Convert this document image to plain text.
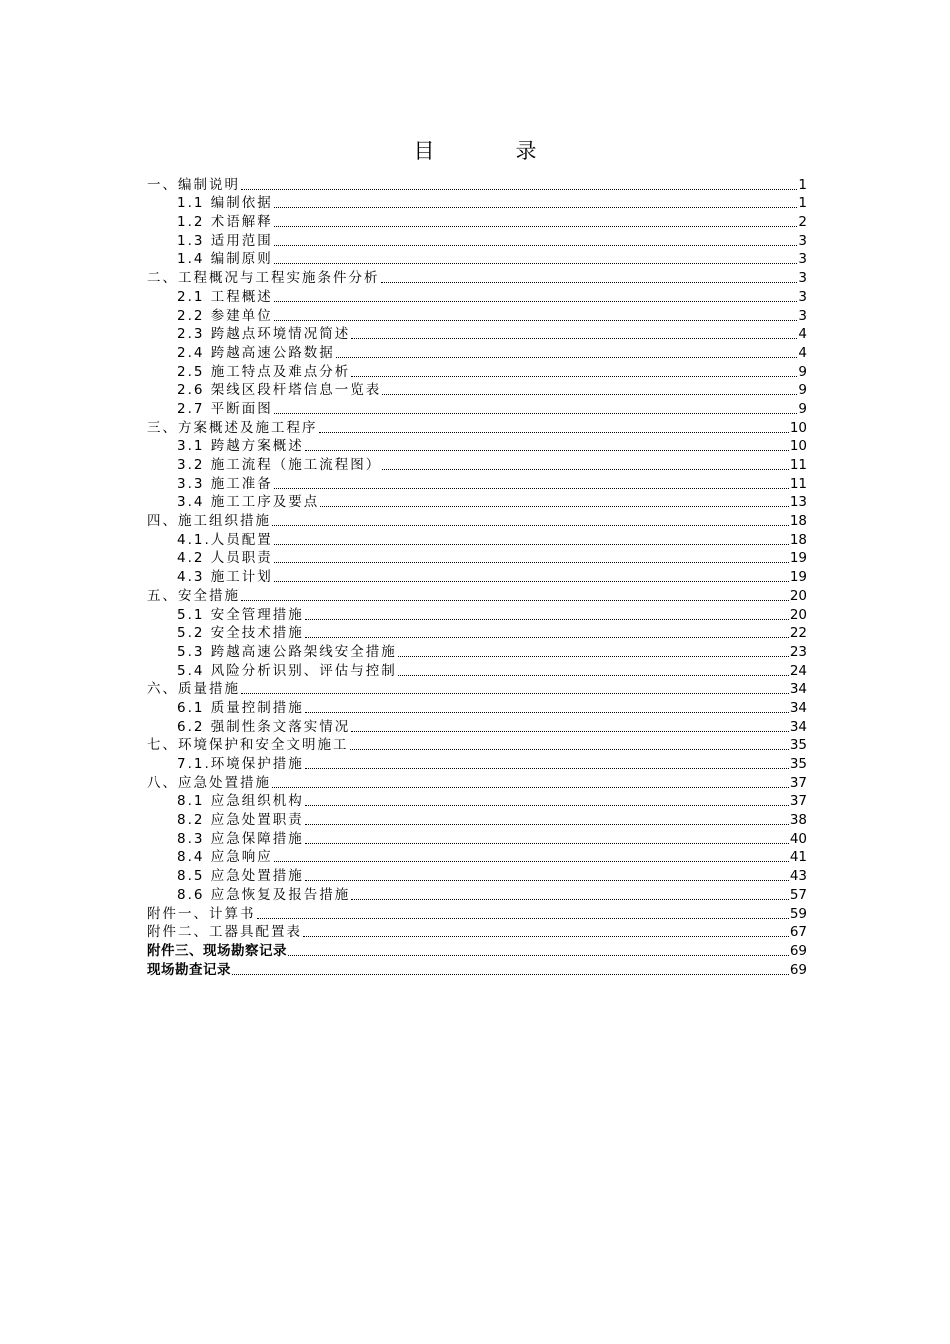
目　录
一、编制说明	1
1.1 编制依据	1
1.2 术语解释	2
1.3 适用范围	3
1.4 编制原则	3
二、工程概况与工程实施条件分析	3
2.1 工程概述	3
2.2 参建单位	3
2.3 跨越点环境情况简述	4
2.4 跨越高速公路数据	4
2.5 施工特点及难点分析	9
2.6 架线区段杆塔信息一览表	9
2.7 平断面图	9
三、方案概述及施工程序	10
3.1 跨越方案概述	10
3.2 施工流程（施工流程图）	11
3.3 施工准备	11
3.4 施工工序及要点	13
四、施工组织措施	18
4.1.人员配置	18
4.2 人员职责	19
4.3 施工计划	19
五、安全措施	20
5.1 安全管理措施	20
5.2 安全技术措施	22
5.3 跨越高速公路架线安全措施	23
5.4 风险分析识别、评估与控制	24
六、质量措施	34
6.1 质量控制措施	34
6.2 强制性条文落实情况	34
七、环境保护和安全文明施工	35
7.1.环境保护措施	35
八、应急处置措施	37
8.1 应急组织机构	37
8.2 应急处置职责	38
8.3 应急保障措施	40
8.4 应急响应	41
8.5 应急处置措施	43
8.6 应急恢复及报告措施	57
附件一、计算书	59
附件二、工器具配置表	67
附件三、现场勘察记录	69
现场勘查记录	69
